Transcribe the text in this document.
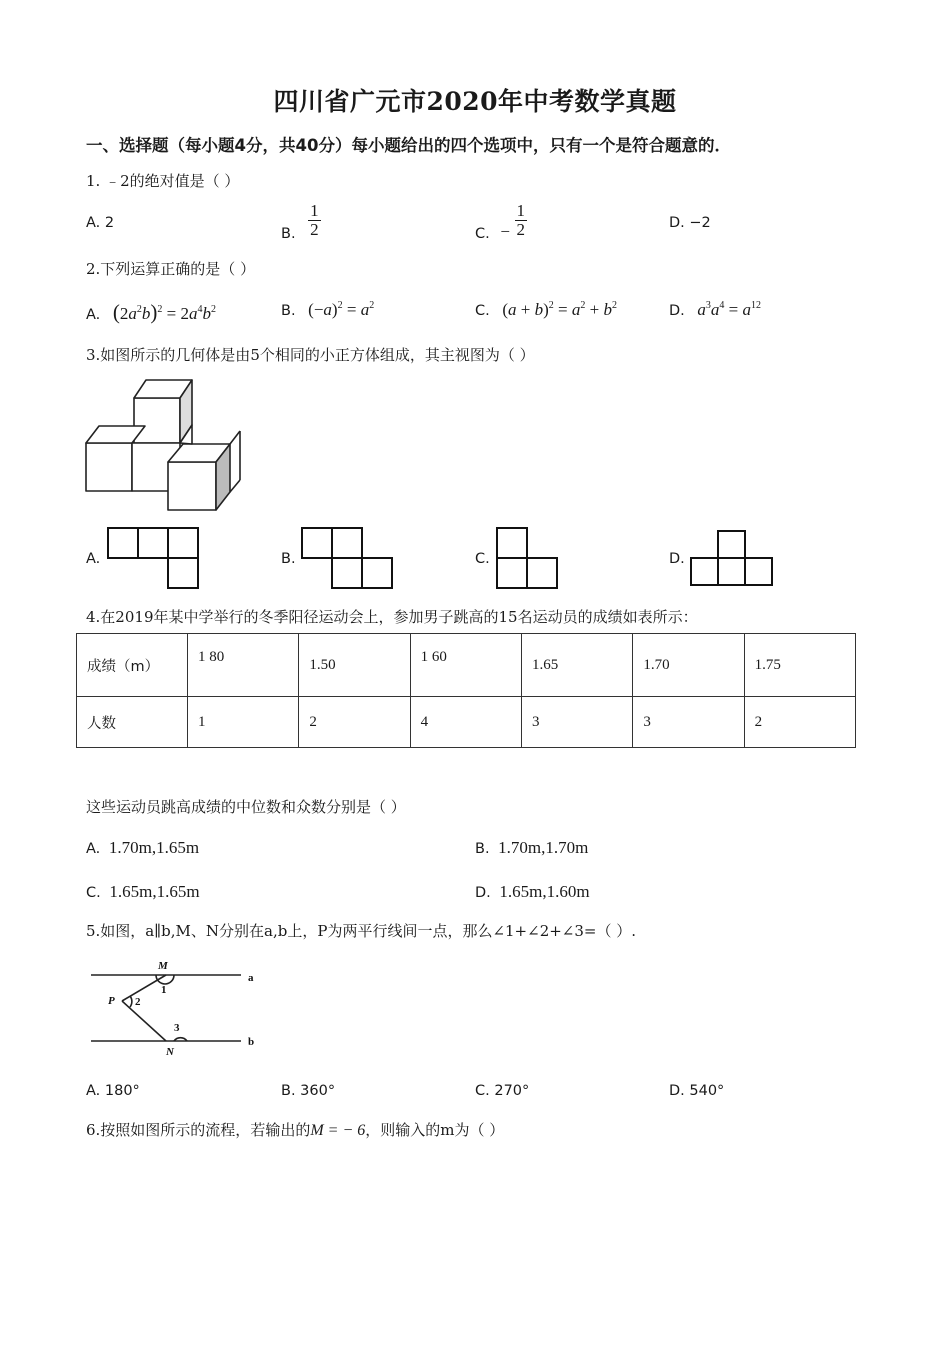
四川省广元市2020年中考数学真题
一、选择题（每小题4分，共40分）每小题给出的四个选项中，只有一个是符合题意的．
1. ﹣2的绝对值是（ ）
A. 2
B. $\frac{1}{2}$	C. − $\frac{1}{2}$	D. −2
2.下列运算正确的是（ ）
A. $(2a^2b)^2 = 2a^4b^2$	B. $(-a)^2 = a^2$	C. $(a + b)^2 = a^2 + b^2$	D. $a^3a^4 = a^{12}$
3.如图所示的几何体是由5个相同的小正方体组成，其主视图为（ ）
A.	B.	C.	D.
4.在2019年某中学举行的冬季阳径运动会上，参加男子跳高的15名运动员的成绩如表所示：
成绩（m）	1 80	1.50	1 60	1.65	1.70	1.75
人数	1	2	4	3	3	2
这些运动员跳高成绩的中位数和众数分别是（ ）
A. 1.70m,1.65m	B. 1.70m,1.70m
C. 1.65m,1.65m	D. 1.65m,1.60m
5.如图，a∥b,M、N分别在a,b上，P为两平行线间一点，那么∠1+∠2+∠3=（ ）.
M
1
P 2
3
N
a
b
A. 180°	B. 360°	C. 270°	D. 540°
6.按照如图所示的流程，若输出的M = − 6，则输入的m为（ ）
